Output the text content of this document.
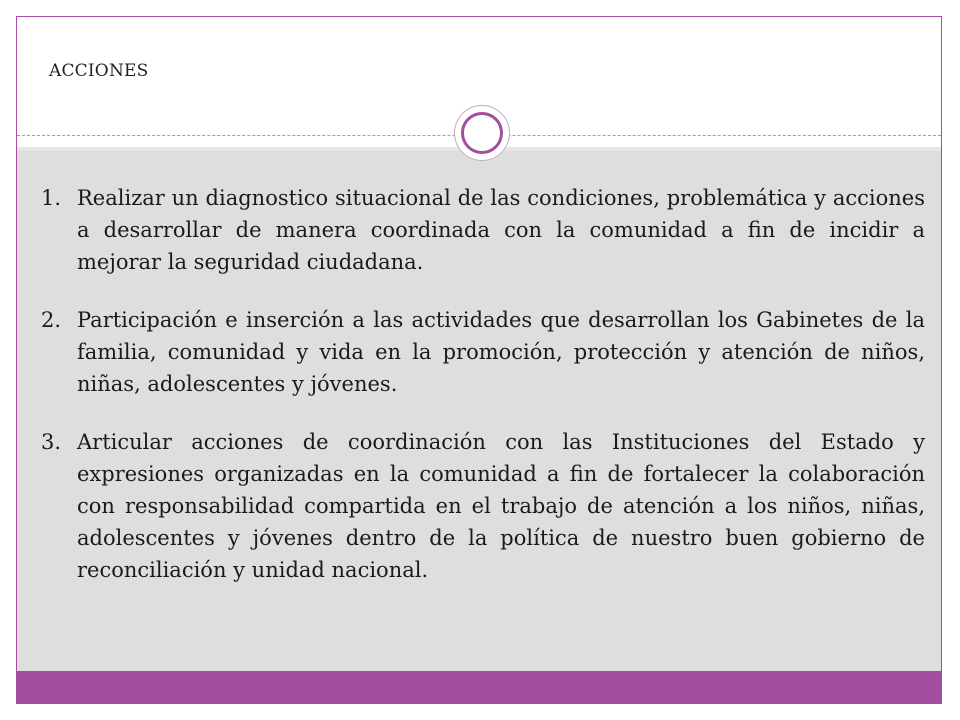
ACCIONES
1. Realizar un diagnostico situacional de las condiciones, problemática y acciones a desarrollar de manera coordinada con la comunidad a fin de incidir a mejorar la seguridad ciudadana.
2. Participación e inserción a las actividades que desarrollan los Gabinetes de la familia, comunidad y vida en la promoción, protección y atención de niños, niñas, adolescentes y jóvenes.
3. Articular acciones de coordinación con las Instituciones del Estado y expresiones organizadas en la comunidad a fin de fortalecer la colaboración con responsabilidad compartida en el trabajo de atención a los niños, niñas, adolescentes y jóvenes dentro de la política de nuestro buen gobierno de reconciliación y unidad nacional.
